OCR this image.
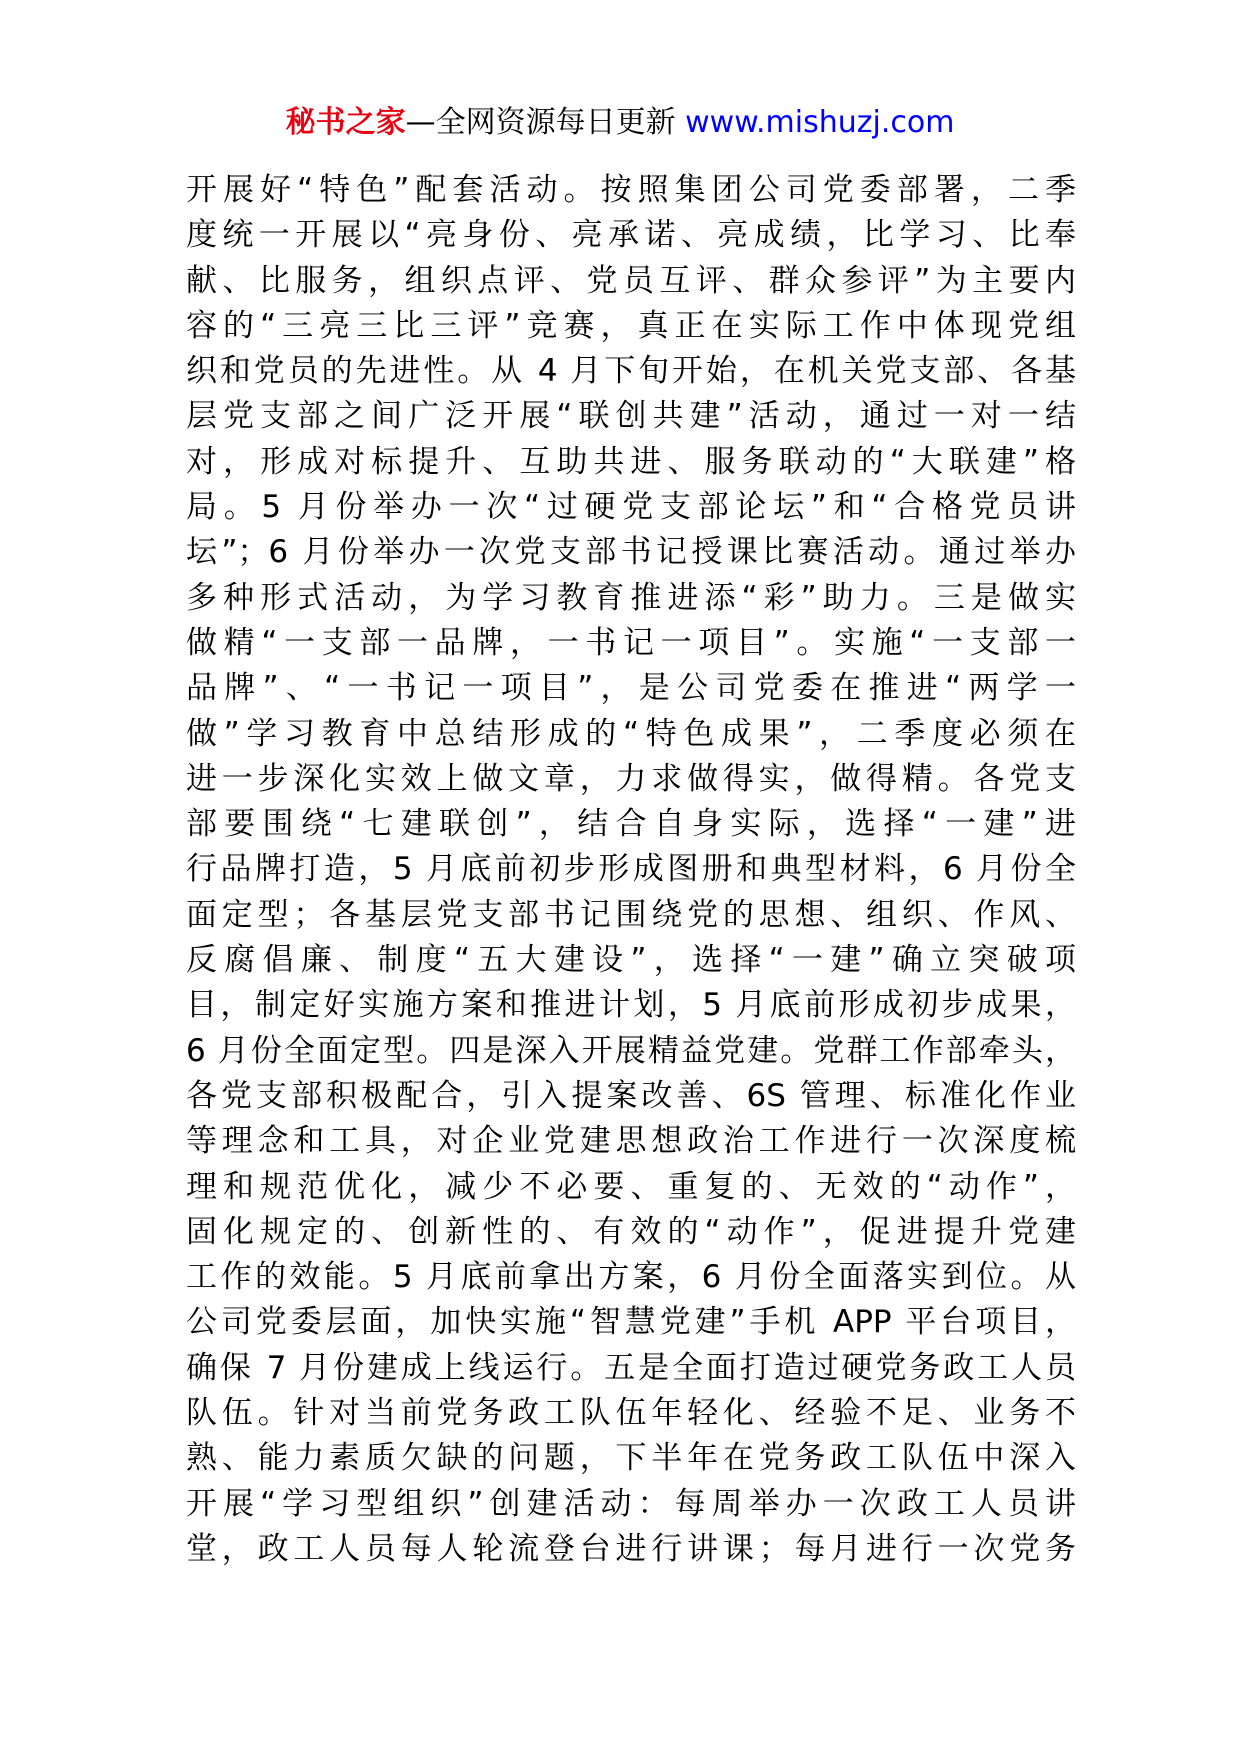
秘书之家—全网资源每日更新 www.mishuzj.com
开展好“特色”配套活动。按照集团公司党委部署，二季
度统一开展以“亮身份、亮承诺、亮成绩，比学习、比奉
献、比服务，组织点评、党员互评、群众参评”为主要内
容的“三亮三比三评”竞赛，真正在实际工作中体现党组
织和党员的先进性。从 4 月下旬开始，在机关党支部、各基
层党支部之间广泛开展“联创共建”活动，通过一对一结
对，形成对标提升、互助共进、服务联动的“大联建”格
局。5 月份举办一次“过硬党支部论坛”和“合格党员讲
坛”；6 月份举办一次党支部书记授课比赛活动。通过举办
多种形式活动，为学习教育推进添“彩”助力。三是做实
做精“一支部一品牌，一书记一项目”。实施“一支部一
品牌”、“一书记一项目”，是公司党委在推进“两学一
做”学习教育中总结形成的“特色成果”，二季度必须在
进一步深化实效上做文章，力求做得实，做得精。各党支
部要围绕“七建联创”，结合自身实际，选择“一建”进
行品牌打造，5 月底前初步形成图册和典型材料，6 月份全
面定型；各基层党支部书记围绕党的思想、组织、作风、
反腐倡廉、制度“五大建设”，选择“一建”确立突破项
目，制定好实施方案和推进计划，5 月底前形成初步成果，
6 月份全面定型。四是深入开展精益党建。党群工作部牵头，
各党支部积极配合，引入提案改善、6S 管理、标准化作业
等理念和工具，对企业党建思想政治工作进行一次深度梳
理和规范优化，减少不必要、重复的、无效的“动作”，
固化规定的、创新性的、有效的“动作”，促进提升党建
工作的效能。5 月底前拿出方案，6 月份全面落实到位。从
公司党委层面，加快实施“智慧党建”手机 APP 平台项目，
确保 7 月份建成上线运行。五是全面打造过硬党务政工人员
队伍。针对当前党务政工队伍年轻化、经验不足、业务不
熟、能力素质欠缺的问题，下半年在党务政工队伍中深入
开展“学习型组织”创建活动：每周举办一次政工人员讲
堂，政工人员每人轮流登台进行讲课；每月进行一次党务
